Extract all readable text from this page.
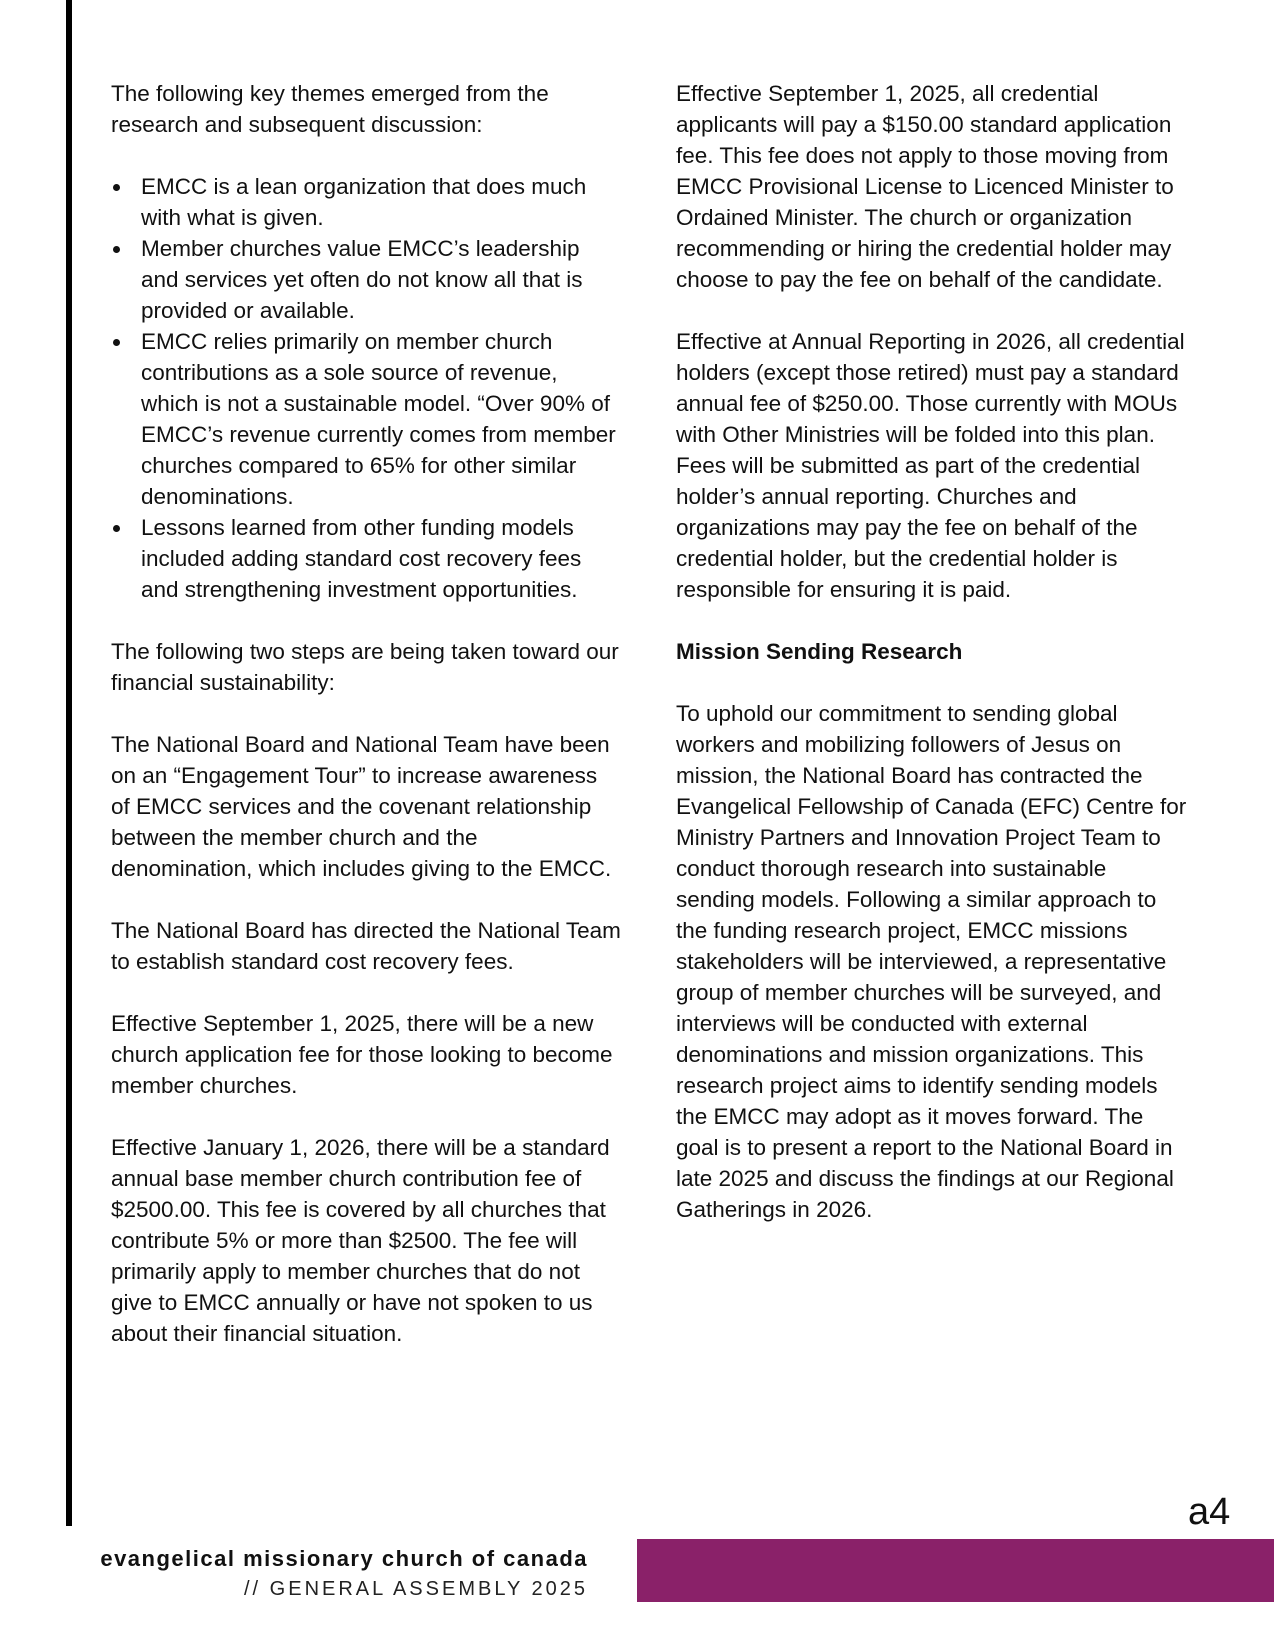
The following key themes emerged from the research and subsequent discussion:

EMCC is a lean organization that does much with what is given.
Member churches value EMCC’s leadership and services yet often do not know all that is provided or available.
EMCC relies primarily on member church contributions as a sole source of revenue, which is not a sustainable model. “Over 90% of EMCC’s revenue currently comes from member churches compared to 65% for other similar denominations.
Lessons learned from other funding models included adding standard cost recovery fees and strengthening investment opportunities.

The following two steps are being taken toward our financial sustainability:

The National Board and National Team have been on an “Engagement Tour” to increase awareness of EMCC services and the covenant relationship between the member church and the denomination, which includes giving to the EMCC.

The National Board has directed the National Team to establish standard cost recovery fees.

Effective September 1, 2025, there will be a new church application fee for those looking to become member churches.

Effective January 1, 2026, there will be a standard annual base member church contribution fee of $2500.00. This fee is covered by all churches that contribute 5% or more than $2500. The fee will primarily apply to member churches that do not give to EMCC annually or have not spoken to us about their financial situation.

Effective September 1, 2025, all credential applicants will pay a $150.00 standard application fee. This fee does not apply to those moving from EMCC Provisional License to Licenced Minister to Ordained Minister. The church or organization recommending or hiring the credential holder may choose to pay the fee on behalf of the candidate.

Effective at Annual Reporting in 2026, all credential holders (except those retired) must pay a standard annual fee of $250.00. Those currently with MOUs with Other Ministries will be folded into this plan. Fees will be submitted as part of the credential holder’s annual reporting. Churches and organizations may pay the fee on behalf of the credential holder, but the credential holder is responsible for ensuring it is paid.

Mission Sending Research

To uphold our commitment to sending global workers and mobilizing followers of Jesus on mission, the National Board has contracted the Evangelical Fellowship of Canada (EFC) Centre for Ministry Partners and Innovation Project Team to conduct thorough research into sustainable sending models. Following a similar approach to the funding research project, EMCC missions stakeholders will be interviewed, a representative group of member churches will be surveyed, and interviews will be conducted with external denominations and mission organizations. This research project aims to identify sending models the EMCC may adopt as it moves forward. The goal is to present a report to the National Board in late 2025 and discuss the findings at our Regional Gatherings in 2026.

a4
evangelical missionary church of canada
// GENERAL ASSEMBLY 2025
